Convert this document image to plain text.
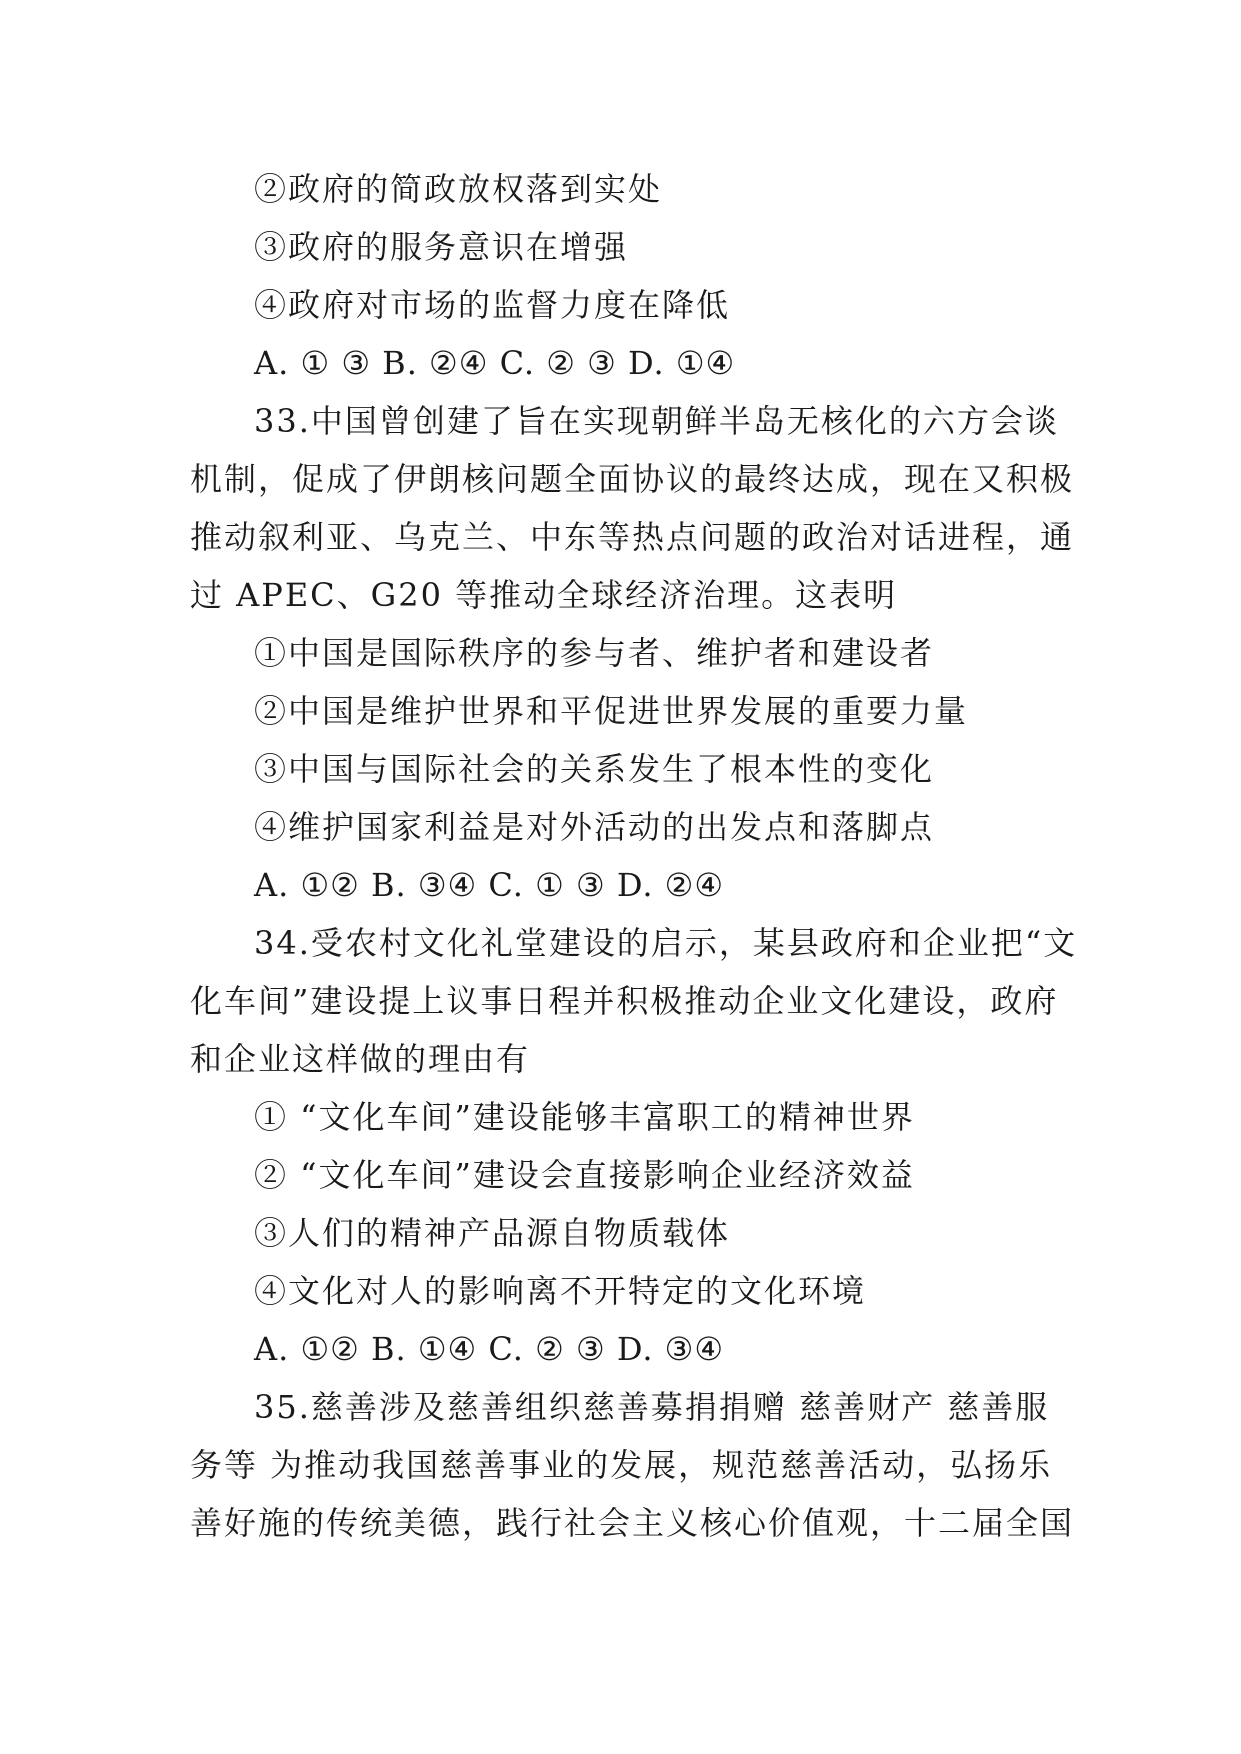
②政府的简政放权落到实处
③政府的服务意识在增强
④政府对市场的监督力度在降低
A. ① ③ B. ②④ C. ② ③ D. ①④
33.中国曾创建了旨在实现朝鲜半岛无核化的六方会谈
机制，促成了伊朗核问题全面协议的最终达成，现在又积极
推动叙利亚、乌克兰、中东等热点问题的政治对话进程，通
过 APEC、G20 等推动全球经济治理。这表明
①中国是国际秩序的参与者、维护者和建设者
②中国是维护世界和平促进世界发展的重要力量
③中国与国际社会的关系发生了根本性的变化
④维护国家利益是对外活动的出发点和落脚点
A. ①② B. ③④ C. ① ③ D. ②④
34.受农村文化礼堂建设的启示，某县政府和企业把“文
化车间”建设提上议事日程并积极推动企业文化建设，政府
和企业这样做的理由有
① “文化车间”建设能够丰富职工的精神世界
② “文化车间”建设会直接影响企业经济效益
③人们的精神产品源自物质载体
④文化对人的影响离不开特定的文化环境
A. ①② B. ①④ C. ② ③ D. ③④
35.慈善涉及慈善组织慈善募捐捐赠 慈善财产 慈善服
务等 为推动我国慈善事业的发展，规范慈善活动，弘扬乐
善好施的传统美德，践行社会主义核心价值观，十二届全国
